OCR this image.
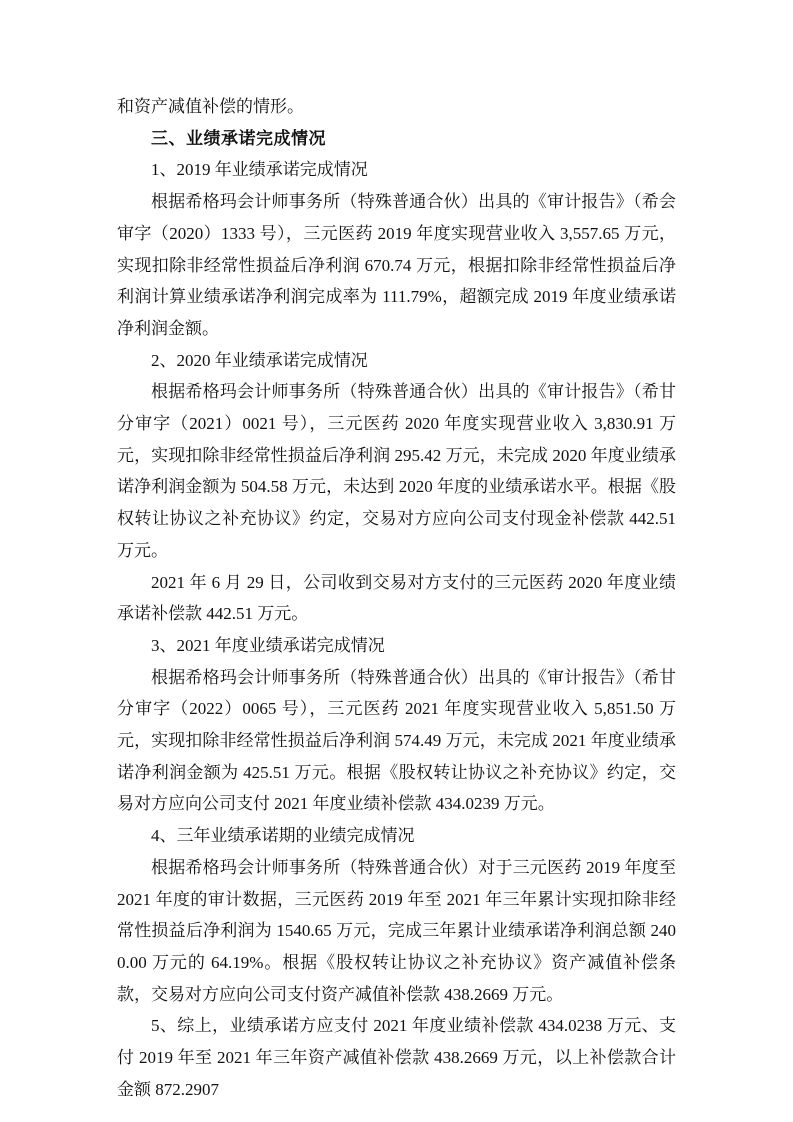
和资产减值补偿的情形。

三、业绩承诺完成情况

1、2019 年业绩承诺完成情况

根据希格玛会计师事务所（特殊普通合伙）出具的《审计报告》（希会审字（2020）1333 号），三元医药 2019 年度实现营业收入 3,557.65 万元，实现扣除非经常性损益后净利润 670.74 万元，根据扣除非经常性损益后净利润计算业绩承诺净利润完成率为 111.79%，超额完成 2019 年度业绩承诺净利润金额。

2、2020 年业绩承诺完成情况

根据希格玛会计师事务所（特殊普通合伙）出具的《审计报告》（希甘分审字（2021）0021 号），三元医药 2020 年度实现营业收入 3,830.91 万元，实现扣除非经常性损益后净利润 295.42 万元，未完成 2020 年度业绩承诺净利润金额为 504.58 万元，未达到 2020 年度的业绩承诺水平。根据《股权转让协议之补充协议》约定，交易对方应向公司支付现金补偿款 442.51 万元。

2021 年 6 月 29 日，公司收到交易对方支付的三元医药 2020 年度业绩承诺补偿款 442.51 万元。

3、2021 年度业绩承诺完成情况

根据希格玛会计师事务所（特殊普通合伙）出具的《审计报告》（希甘分审字（2022）0065 号），三元医药 2021 年度实现营业收入 5,851.50 万元，实现扣除非经常性损益后净利润 574.49 万元，未完成 2021 年度业绩承诺净利润金额为 425.51 万元。根据《股权转让协议之补充协议》约定，交易对方应向公司支付 2021 年度业绩补偿款 434.0239 万元。

4、三年业绩承诺期的业绩完成情况

根据希格玛会计师事务所（特殊普通合伙）对于三元医药 2019 年度至 2021 年度的审计数据，三元医药 2019 年至 2021 年三年累计实现扣除非经常性损益后净利润为 1540.65 万元，完成三年累计业绩承诺净利润总额 2400.00 万元的 64.19%。根据《股权转让协议之补充协议》资产减值补偿条款，交易对方应向公司支付资产减值补偿款 438.2669 万元。

5、综上，业绩承诺方应支付 2021 年度业绩补偿款 434.0238 万元、支付 2019 年至 2021 年三年资产减值补偿款 438.2669 万元，以上补偿款合计金额 872.2907
